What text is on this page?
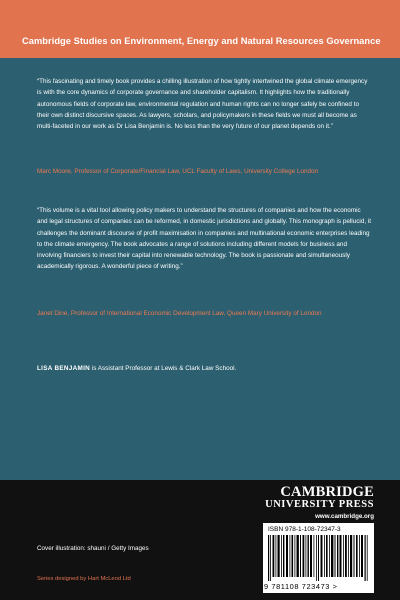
Cambridge Studies on Environment, Energy and Natural Resources Governance
“This fascinating and timely book provides a chilling illustration of how tightly intertwined the global climate emergency is with the core dynamics of corporate governance and shareholder capitalism. It highlights how the traditionally autonomous fields of corporate law, environmental regulation and human rights can no longer safely be confined to their own distinct discursive spaces. As lawyers, scholars, and policymakers in these fields we must all become as multi-faceted in our work as Dr Lisa Benjamin is. No less than the very future of our planet depends on it.”
Marc Moore, Professor of Corporate/Financial Law, UCL Faculty of Laws, University College London
“This volume is a vital tool allowing policy makers to understand the structures of companies and how the economic and legal structures of companies can be reformed, in domestic jurisdictions and globally. This monograph is pellucid, it challenges the dominant discourse of profit maximisation in companies and multinational economic enterprises leading to the climate emergency. The book advocates a range of solutions including different models for business and involving financiers to invest their capital into renewable technology. The book is passionate and simultaneously academically rigorous. A wonderful piece of writing.”
Janet Dine, Professor of International Economic Development Law, Queen Mary University of London
LISA BENJAMIN is Assistant Professor at Lewis & Clark Law School.
CAMBRIDGE
UNIVERSITY PRESS
www.cambridge.org
ISBN 978-1-108-72347-3
9 781108 723473 >
Cover illustration: shauni / Getty Images
Series designed by Hart McLeod Ltd
